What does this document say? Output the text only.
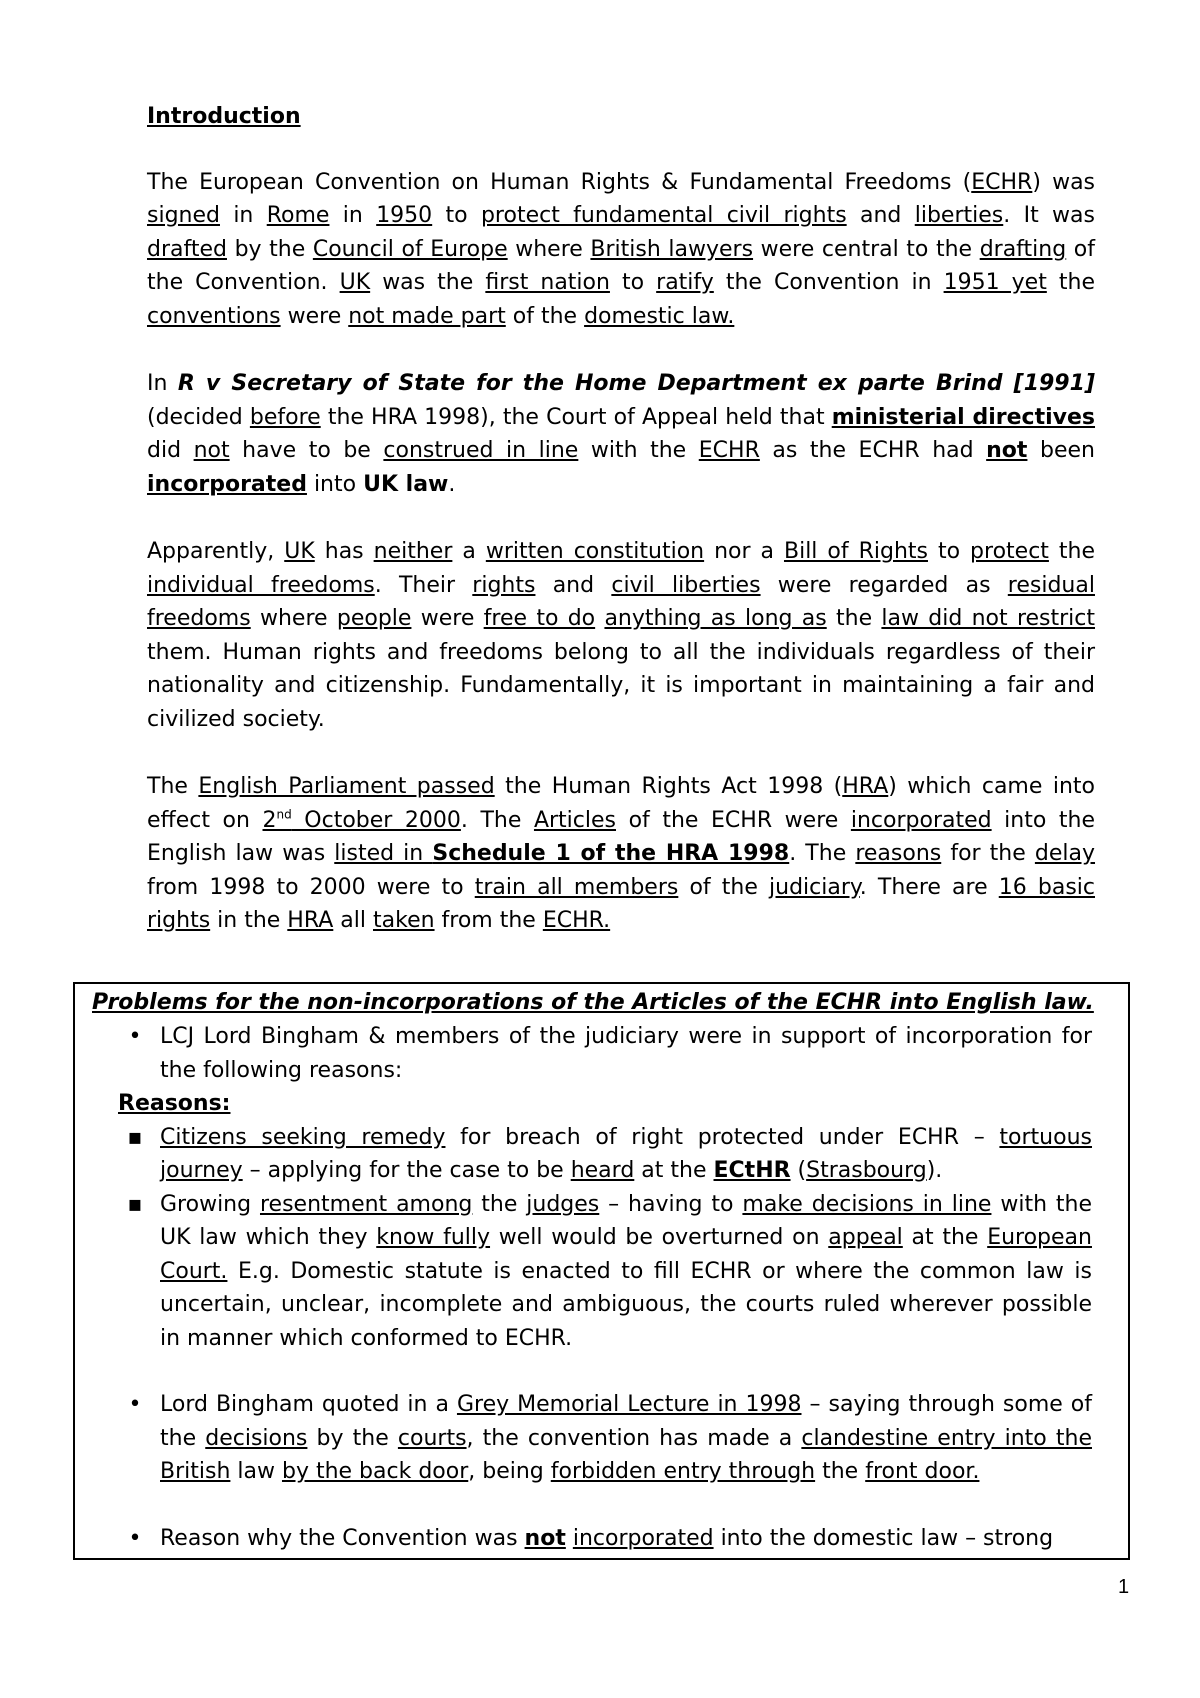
Introduction

The European Convention on Human Rights & Fundamental Freedoms (ECHR) was signed in Rome in 1950 to protect fundamental civil rights and liberties. It was drafted by the Council of Europe where British lawyers were central to the drafting of the Convention. UK was the first nation to ratify the Convention in 1951 yet the conventions were not made part of the domestic law.

In R v Secretary of State for the Home Department ex parte Brind [1991] (decided before the HRA 1998), the Court of Appeal held that ministerial directives did not have to be construed in line with the ECHR as the ECHR had not been incorporated into UK law.

Apparently, UK has neither a written constitution nor a Bill of Rights to protect the individual freedoms. Their rights and civil liberties were regarded as residual freedoms where people were free to do anything as long as the law did not restrict them. Human rights and freedoms belong to all the individuals regardless of their nationality and citizenship. Fundamentally, it is important in maintaining a fair and civilized society.

The English Parliament passed the Human Rights Act 1998 (HRA) which came into effect on 2nd October 2000. The Articles of the ECHR were incorporated into the English law was listed in Schedule 1 of the HRA 1998. The reasons for the delay from 1998 to 2000 were to train all members of the judiciary. There are 16 basic rights in the HRA all taken from the ECHR.

Problems for the non-incorporations of the Articles of the ECHR into English law.
• LCJ Lord Bingham & members of the judiciary were in support of incorporation for the following reasons:
Reasons:
▪ Citizens seeking remedy for breach of right protected under ECHR – tortuous journey – applying for the case to be heard at the ECtHR (Strasbourg).
▪ Growing resentment among the judges – having to make decisions in line with the UK law which they know fully well would be overturned on appeal at the European Court. E.g. Domestic statute is enacted to fill ECHR or where the common law is uncertain, unclear, incomplete and ambiguous, the courts ruled wherever possible in manner which conformed to ECHR.
• Lord Bingham quoted in a Grey Memorial Lecture in 1998 – saying through some of the decisions by the courts, the convention has made a clandestine entry into the British law by the back door, being forbidden entry through the front door.
• Reason why the Convention was not incorporated into the domestic law – strong
1
